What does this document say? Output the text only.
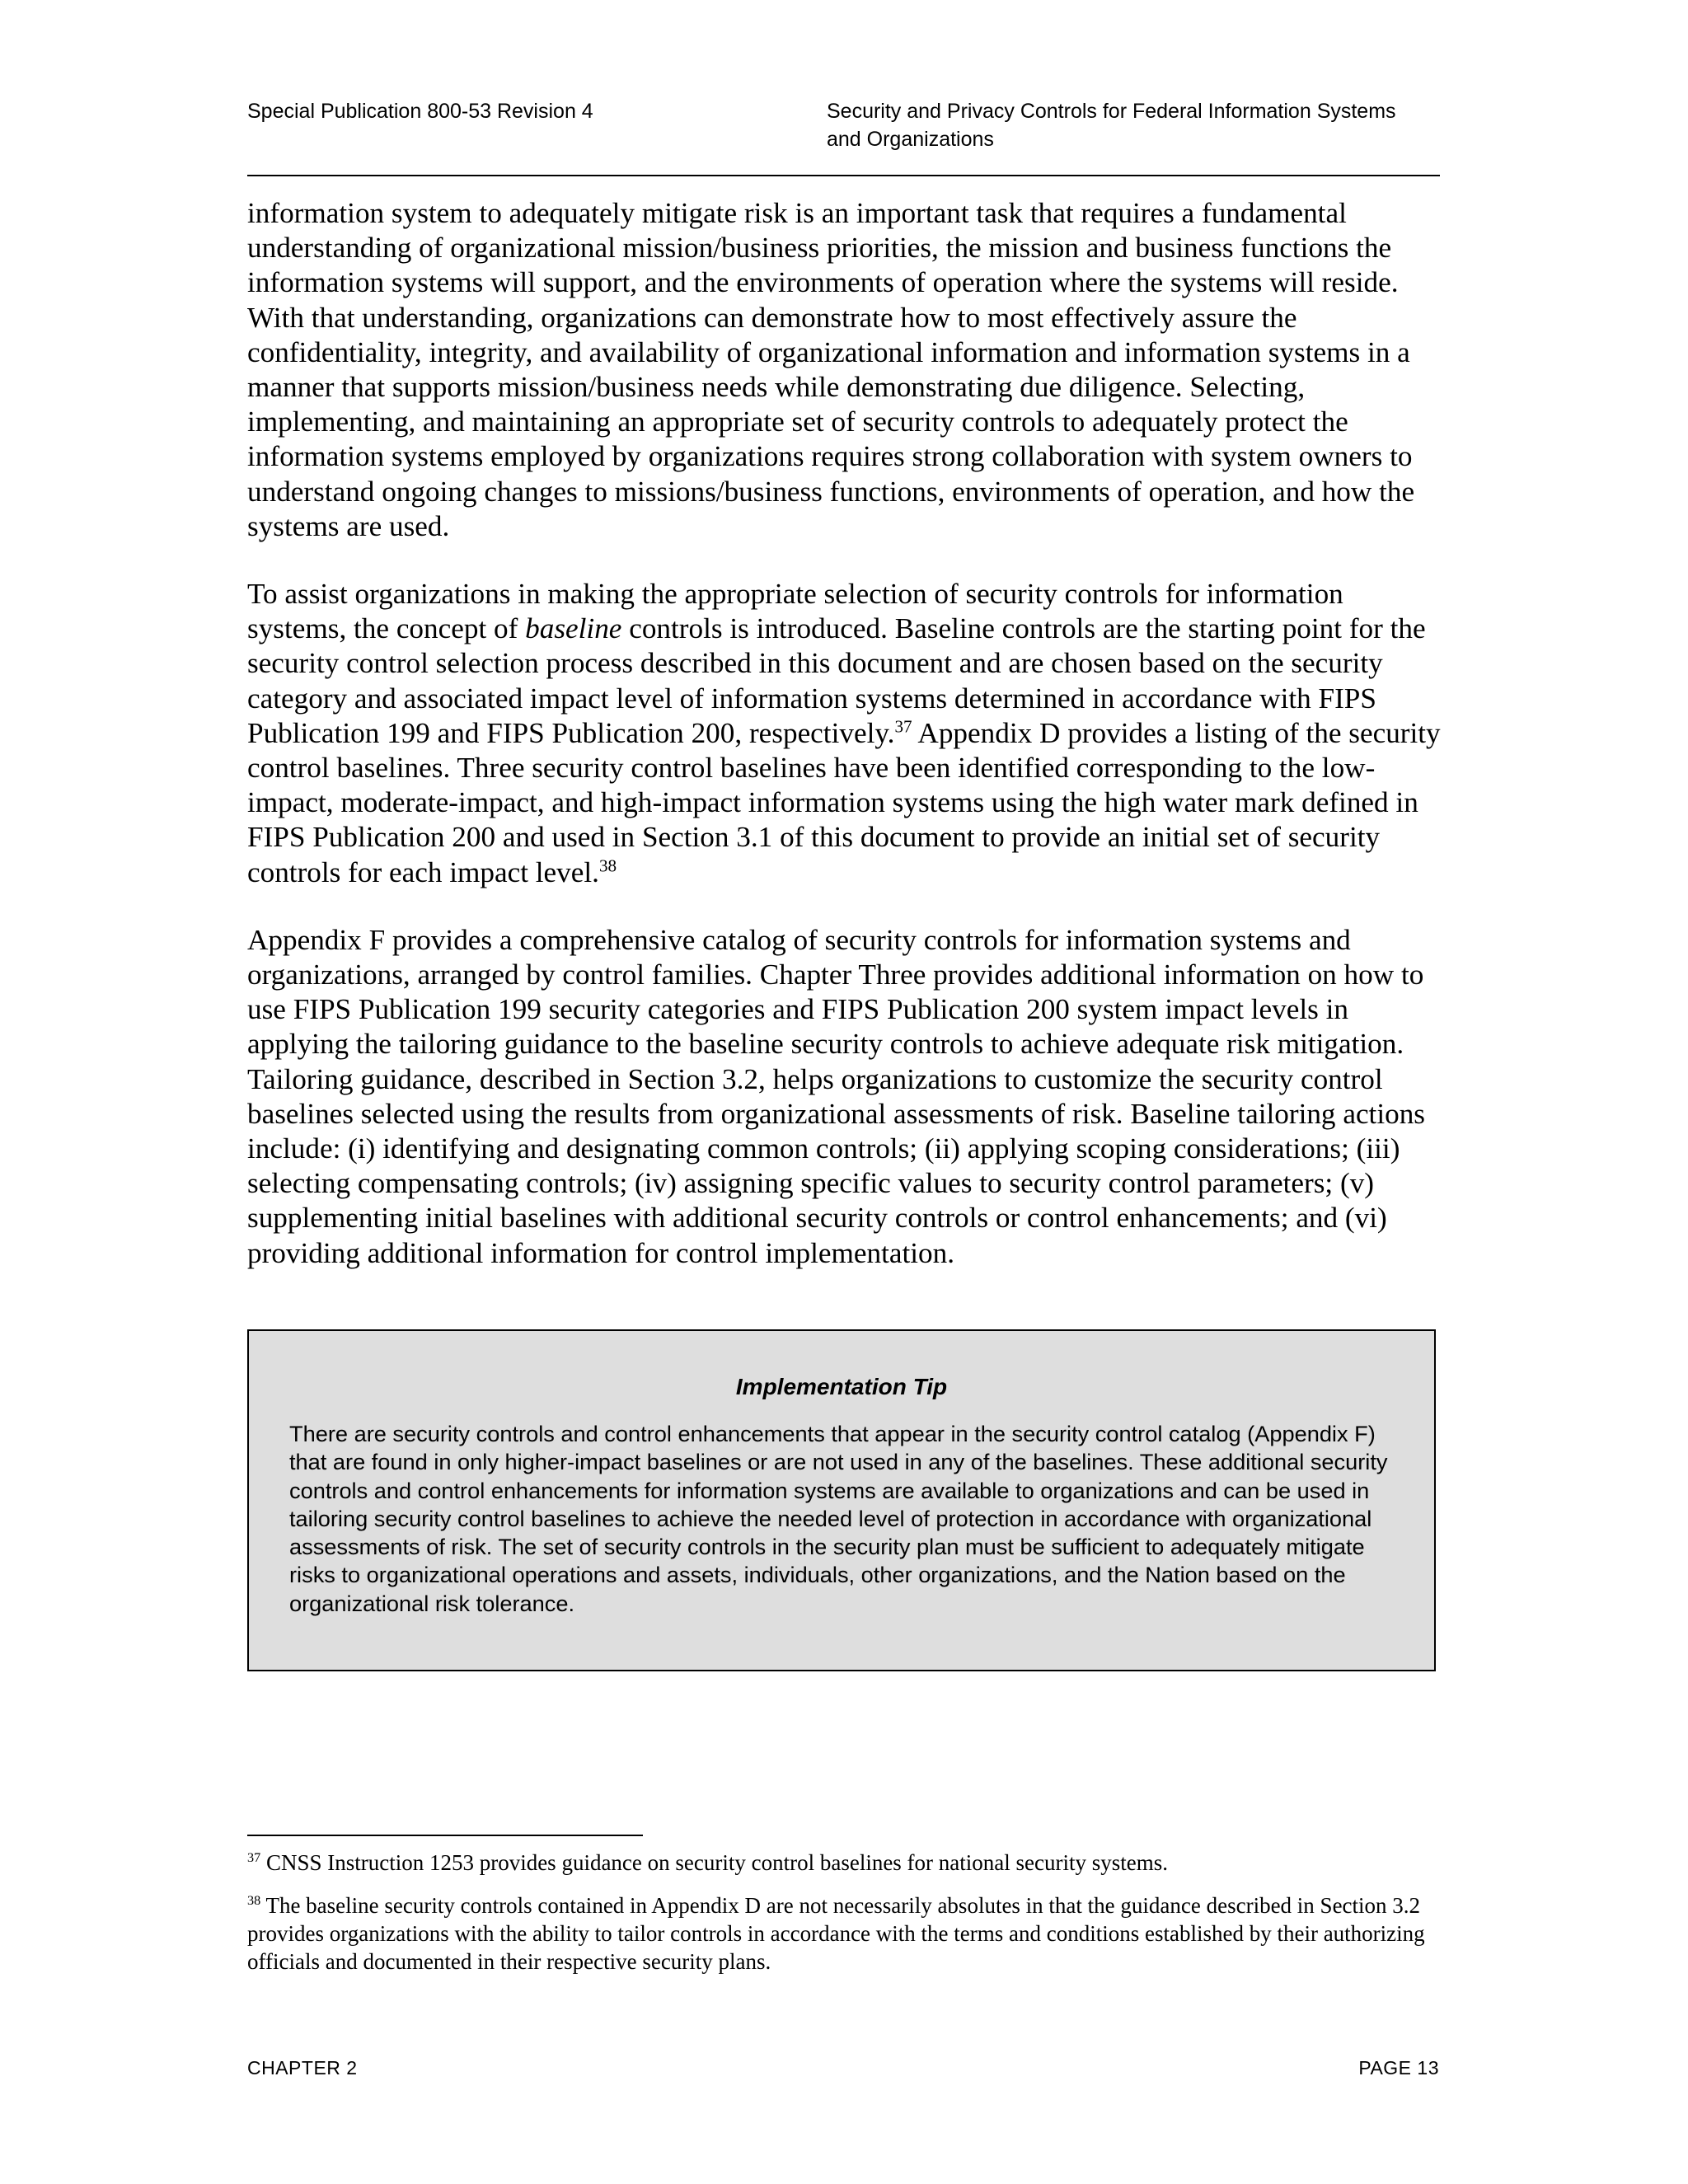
Special Publication 800-53 Revision 4	Security and Privacy Controls for Federal Information Systems
and Organizations

information system to adequately mitigate risk is an important task that requires a fundamental understanding of organizational mission/business priorities, the mission and business functions the information systems will support, and the environments of operation where the systems will reside. With that understanding, organizations can demonstrate how to most effectively assure the confidentiality, integrity, and availability of organizational information and information systems in a manner that supports mission/business needs while demonstrating due diligence. Selecting, implementing, and maintaining an appropriate set of security controls to adequately protect the information systems employed by organizations requires strong collaboration with system owners to understand ongoing changes to missions/business functions, environments of operation, and how the systems are used.

To assist organizations in making the appropriate selection of security controls for information systems, the concept of baseline controls is introduced. Baseline controls are the starting point for the security control selection process described in this document and are chosen based on the security category and associated impact level of information systems determined in accordance with FIPS Publication 199 and FIPS Publication 200, respectively.$^{37}$ Appendix D provides a listing of the security control baselines. Three security control baselines have been identified corresponding to the low-impact, moderate-impact, and high-impact information systems using the high water mark defined in FIPS Publication 200 and used in Section 3.1 of this document to provide an initial set of security controls for each impact level.$^{38}$

Appendix F provides a comprehensive catalog of security controls for information systems and organizations, arranged by control families. Chapter Three provides additional information on how to use FIPS Publication 199 security categories and FIPS Publication 200 system impact levels in applying the tailoring guidance to the baseline security controls to achieve adequate risk mitigation. Tailoring guidance, described in Section 3.2, helps organizations to customize the security control baselines selected using the results from organizational assessments of risk. Baseline tailoring actions include: (i) identifying and designating common controls; (ii) applying scoping considerations; (iii) selecting compensating controls; (iv) assigning specific values to security control parameters; (v) supplementing initial baselines with additional security controls or control enhancements; and (vi) providing additional information for control implementation.

Implementation Tip

There are security controls and control enhancements that appear in the security control catalog (Appendix F) that are found in only higher-impact baselines or are not used in any of the baselines. These additional security controls and control enhancements for information systems are available to organizations and can be used in tailoring security control baselines to achieve the needed level of protection in accordance with organizational assessments of risk. The set of security controls in the security plan must be sufficient to adequately mitigate risks to organizational operations and assets, individuals, other organizations, and the Nation based on the organizational risk tolerance.

$^{37}$ CNSS Instruction 1253 provides guidance on security control baselines for national security systems.

$^{38}$ The baseline security controls contained in Appendix D are not necessarily absolutes in that the guidance described in Section 3.2 provides organizations with the ability to tailor controls in accordance with the terms and conditions established by their authorizing officials and documented in their respective security plans.

CHAPTER 2	PAGE 13
